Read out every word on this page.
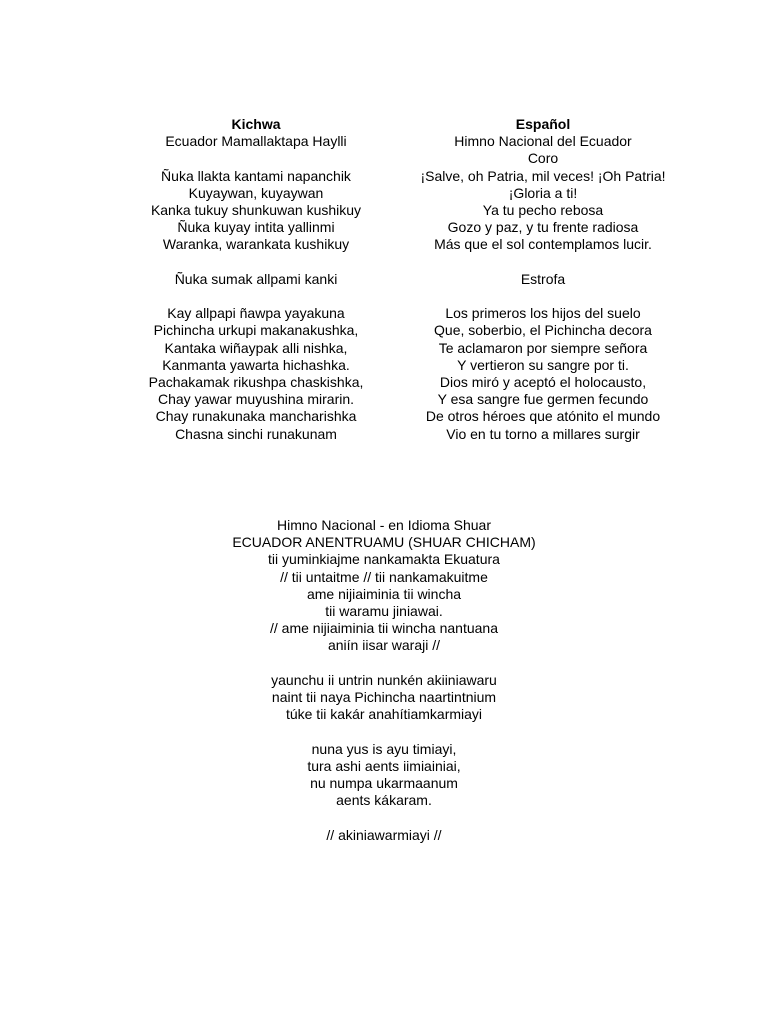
Kichwa
Ecuador Mamallaktapa Haylli
Ñuka llakta kantami napanchik
Kuyaywan, kuyaywan
Kanka tukuy shunkuwan kushikuy
Ñuka kuyay intita yallinmi
Waranka, warankata kushikuy
Ñuka sumak allpami kanki
Kay allpapi ñawpa yayakuna
Pichincha urkupi makanakushka,
Kantaka wiñaypak alli nishka,
Kanmanta yawarta hichashka.
Pachakamak rikushpa chaskishka,
Chay yawar muyushina mirarin.
Chay runakunaka mancharishka
Chasna sinchi runakunam
Español
Himno Nacional del Ecuador
Coro
¡Salve, oh Patria, mil veces! ¡Oh Patria!
¡Gloria a ti!
Ya tu pecho rebosa
Gozo y paz, y tu frente radiosa
Más que el sol contemplamos lucir.
Estrofa
Los primeros los hijos del suelo
Que, soberbio, el Pichincha decora
Te aclamaron por siempre señora
Y vertieron su sangre por ti.
Dios miró y aceptó el holocausto,
Y esa sangre fue germen fecundo
De otros héroes que atónito el mundo
Vio en tu torno a millares surgir
Himno Nacional - en Idioma Shuar
ECUADOR ANENTRUAMU (SHUAR CHICHAM)
tii yuminkiajme nankamakta Ekuatura
// tii untaitme // tii nankamakuitme
ame nijiaiminia tii wincha
tii waramu jiniawai.
// ame nijiaiminia tii wincha nantuana
aniín iisar waraji //
yaunchu ii untrin nunkén akiiniawaru
naint tii naya Pichincha naartintnium
túke tii kakár anahítiamkarmiayi
nuna yus is ayu timiayi,
tura ashi aents iimiainiai,
nu numpa ukarmaanum
aents kákaram.
// akiniawarmiayi //
